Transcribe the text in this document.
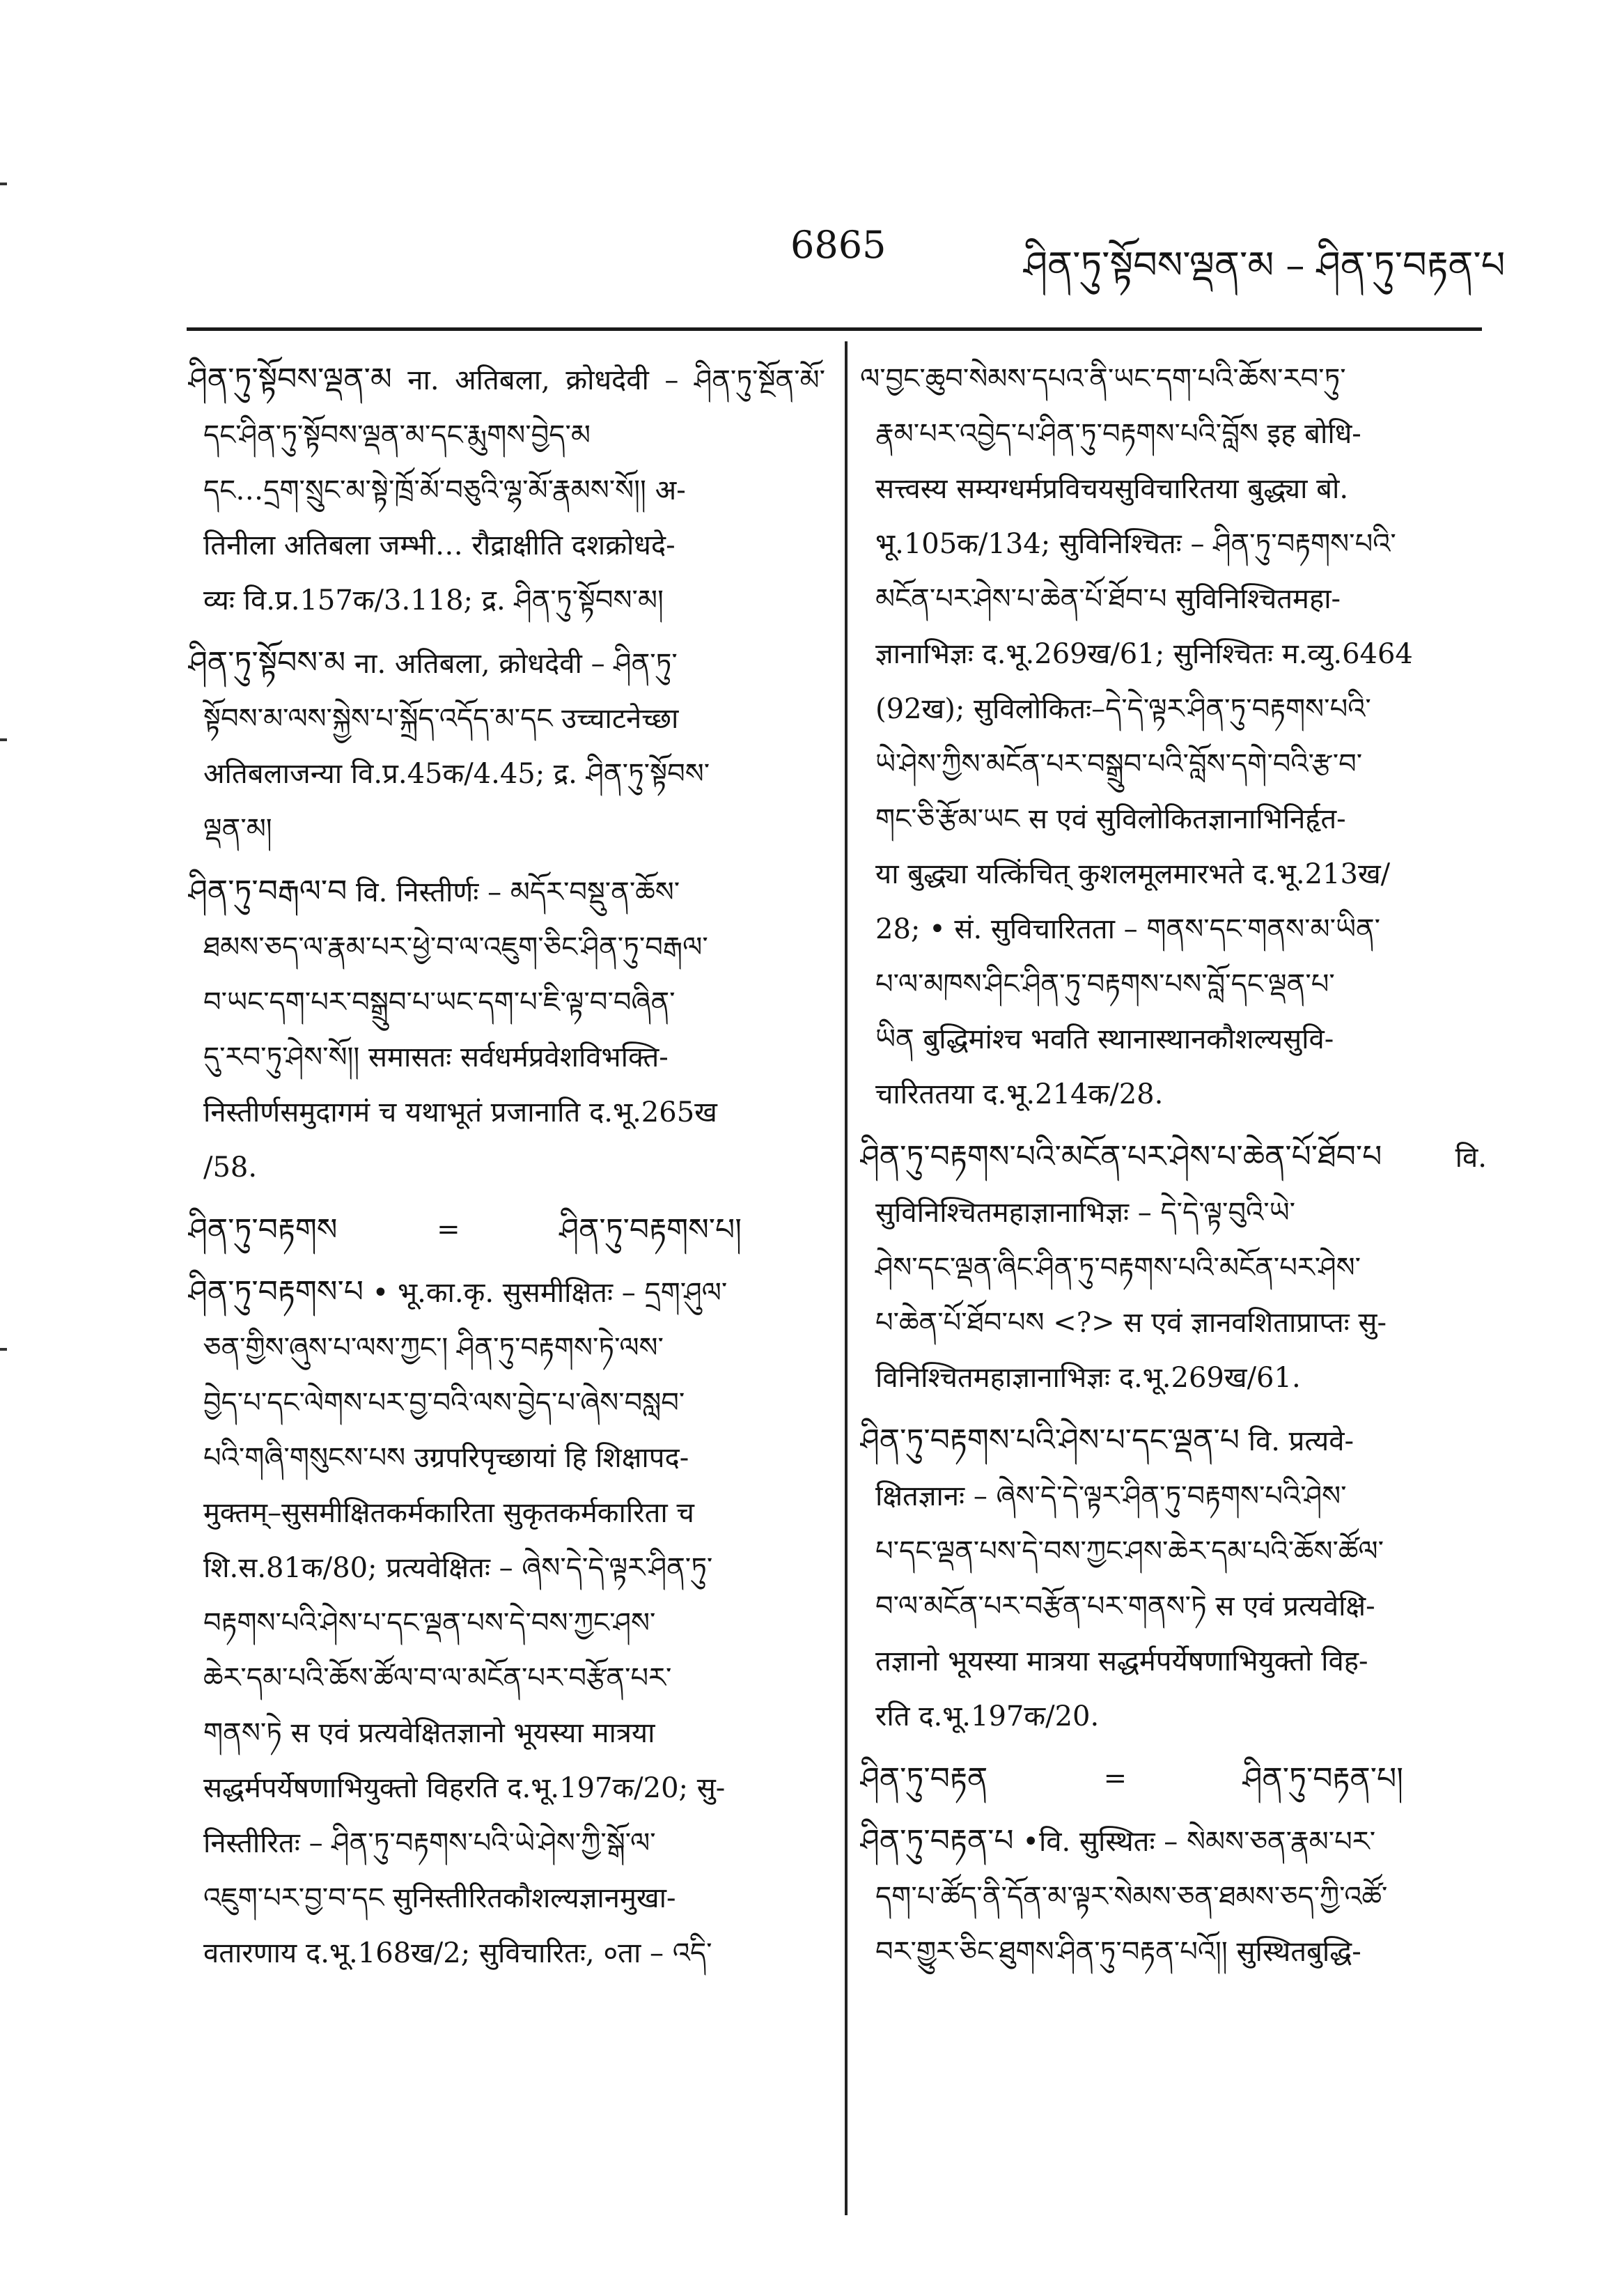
6865	ཤིན་ཏུ་སྟོབས་ལྡན་མ – ཤིན་ཏུ་བརྟན་པ

ཤིན་ཏུ་སྟོབས་ལྡན་མ ना. अतिबला, क्रोधदेवी – ཤིན་ཏུ་སྔོན་མོ་དང་ཤིན་ཏུ་སྟོབས་ལྡན་མ་དང་རྨུགས་བྱེད་མ

དང…དྲག་སྲུང་མ་སྟེ་ཁྲོ་མོ་བཅུའི་ལྷ་མོ་རྣམས་སོ།། अ-

तिनीला अतिबला जम्भी… रौद्राक्षीति दशक्रोधदे-

व्यः वि.प्र.157क/3.118; द्र. ཤིན་ཏུ་སྟོབས་མ།

ཤིན་ཏུ་སྟོབས་མ ना. अतिबला, क्रोधदेवी – ཤིན་ཏུ་

སྟོབས་མ་ལས་སྐྱེས་པ་སྐྲོད་འདོད་མ་དང उच्चाटनेच्छा

अतिबलाजन्या वि.प्र.45क/4.45; द्र. ཤིན་ཏུ་སྟོབས་

ལྡན་མ།

ཤིན་ཏུ་བརྒལ་བ वि. निस्तीर्णः – མདོར་བསྡུ་ན་ཆོས་

ཐམས་ཅད་ལ་རྣམ་པར་ཕྱེ་བ་ལ་འཇུག་ཅིང་ཤིན་ཏུ་བརྒལ་

བ་ཡང་དག་པར་བསྒྲུབ་པ་ཡང་དག་པ་ཇི་ལྟ་བ་བཞིན་

དུ་རབ་ཏུ་ཤེས་སོ།། समासतः सर्वधर्मप्रवेशविभक्ति-

निस्तीर्णसमुदागमं च यथाभूतं प्रजानाति द.भू.265ख

/58.

ཤིན་ཏུ་བརྟགས	=	ཤིན་ཏུ་བརྟགས་པ།

ཤིན་ཏུ་བརྟགས་པ • भू.का.कृ. सुसमीक्षितः – དྲག་ཤུལ་

ཅན་གྱིས་ཞུས་པ་ལས་ཀྱང་། ཤིན་ཏུ་བརྟགས་ཏེ་ལས་

བྱེད་པ་དང་ལེགས་པར་བྱ་བའི་ལས་བྱེད་པ་ཞེས་བསླབ་

པའི་གཞི་གསུངས་པས उग्रपरिपृच्छायां हि शिक्षापद-

मुक्तम्–सुसमीक्षितकर्मकारिता सुकृतकर्मकारिता च

शि.स.81क/80; प्रत्यवेक्षितः – ཞེས་དེ་དེ་ལྟར་ཤིན་ཏུ་

བརྟགས་པའི་ཤེས་པ་དང་ལྡན་པས་དེ་བས་ཀྱང་ཤས་

ཆེར་དམ་པའི་ཆོས་ཚོལ་བ་ལ་མངོན་པར་བརྩོན་པར་

གནས་ཏེ स एवं प्रत्यवेक्षितज्ञानो भूयस्या मात्रया

सद्धर्मपर्येषणाभियुक्तो विहरति द.भू.197क/20; सु-

निस्तीरितः – ཤིན་ཏུ་བརྟགས་པའི་ཡེ་ཤེས་ཀྱི་སྒོ་ལ་

འཇུག་པར་བྱ་བ་དང सुनिस्तीरितकौशल्यज्ञानमुखा-

वतारणाय द.भू.168ख/2; सुविचारितः, ०ता – འདི་

ལ་བྱང་ཆུབ་སེམས་དཔའ་ནི་ཡང་དག་པའི་ཆོས་རབ་ཏུ་

རྣམ་པར་འབྱེད་པ་ཤིན་ཏུ་བརྟགས་པའི་བློས इह बोधि-

सत्त्वस्य सम्यग्धर्मप्रविचयसुविचारितया बुद्ध्या बो.

भू.105क/134; सुविनिश्चितः – ཤིན་ཏུ་བརྟགས་པའི་

མངོན་པར་ཤེས་པ་ཆེན་པོ་ཐོབ་པ सुविनिश्चितमहा-

ज्ञानाभिज्ञः द.भू.269ख/61; सुनिश्चितः म.व्यु.6464

(92ख); सुविलोकितः–དེ་དེ་ལྟར་ཤིན་ཏུ་བརྟགས་པའི་

ཡེ་ཤེས་ཀྱིས་མངོན་པར་བསྒྲུབ་པའི་བློས་དགེ་བའི་རྩ་བ་

གང་ཅི་རྩོམ་ཡང स एवं सुविलोकितज्ञानाभिनिर्हृत-

या बुद्ध्या यत्किंचित् कुशलमूलमारभते द.भू.213ख/

28; • सं. सुविचारितता – གནས་དང་གནས་མ་ཡིན་

པ་ལ་མཁས་ཤིང་ཤིན་ཏུ་བརྟགས་པས་བློ་དང་ལྡན་པ་

ཡིན बुद्धिमांश्च भवति स्थानास्थानकौशल्यसुवि-

चारिततया द.भू.214क/28.

ཤིན་ཏུ་བརྟགས་པའི་མངོན་པར་ཤེས་པ་ཆེན་པོ་ཐོབ་པ	वि. सुविनिश्चितमहाज्ञानाभिज्ञः – དེ་དེ་ལྟ་བུའི་ཡེ་

ཤེས་དང་ལྡན་ཞིང་ཤིན་ཏུ་བརྟགས་པའི་མངོན་པར་ཤེས་

པ་ཆེན་པོ་ཐོབ་པས <?> स एवं ज्ञानवशिताप्राप्तः सु-

विनिश्चितमहाज्ञानाभिज्ञः द.भू.269ख/61.

ཤིན་ཏུ་བརྟགས་པའི་ཤེས་པ་དང་ལྡན་པ वि. प्रत्यवे-

क्षितज्ञानः – ཞེས་དེ་དེ་ལྟར་ཤིན་ཏུ་བརྟགས་པའི་ཤེས་

པ་དང་ལྡན་པས་དེ་བས་ཀྱང་ཤས་ཆེར་དམ་པའི་ཆོས་ཚོལ་

བ་ལ་མངོན་པར་བརྩོན་པར་གནས་ཏེ स एवं प्रत्यवेक्षि-

तज्ञानो भूयस्या मात्रया सद्धर्मपर्येषणाभियुक्तो विह-

रति द.भू.197क/20.

ཤིན་ཏུ་བརྟན	=	ཤིན་ཏུ་བརྟན་པ།

ཤིན་ཏུ་བརྟན་པ •वि. सुस्थितः – སེམས་ཅན་རྣམ་པར་

དག་པ་ཚོད་ནི་དོན་མ་ལྟར་སེམས་ཅན་ཐམས་ཅད་ཀྱི་འཚོ་

བར་གྱུར་ཅིང་ཐུགས་ཤིན་ཏུ་བརྟན་པའོ།། सुस्थितबुद्धि-
